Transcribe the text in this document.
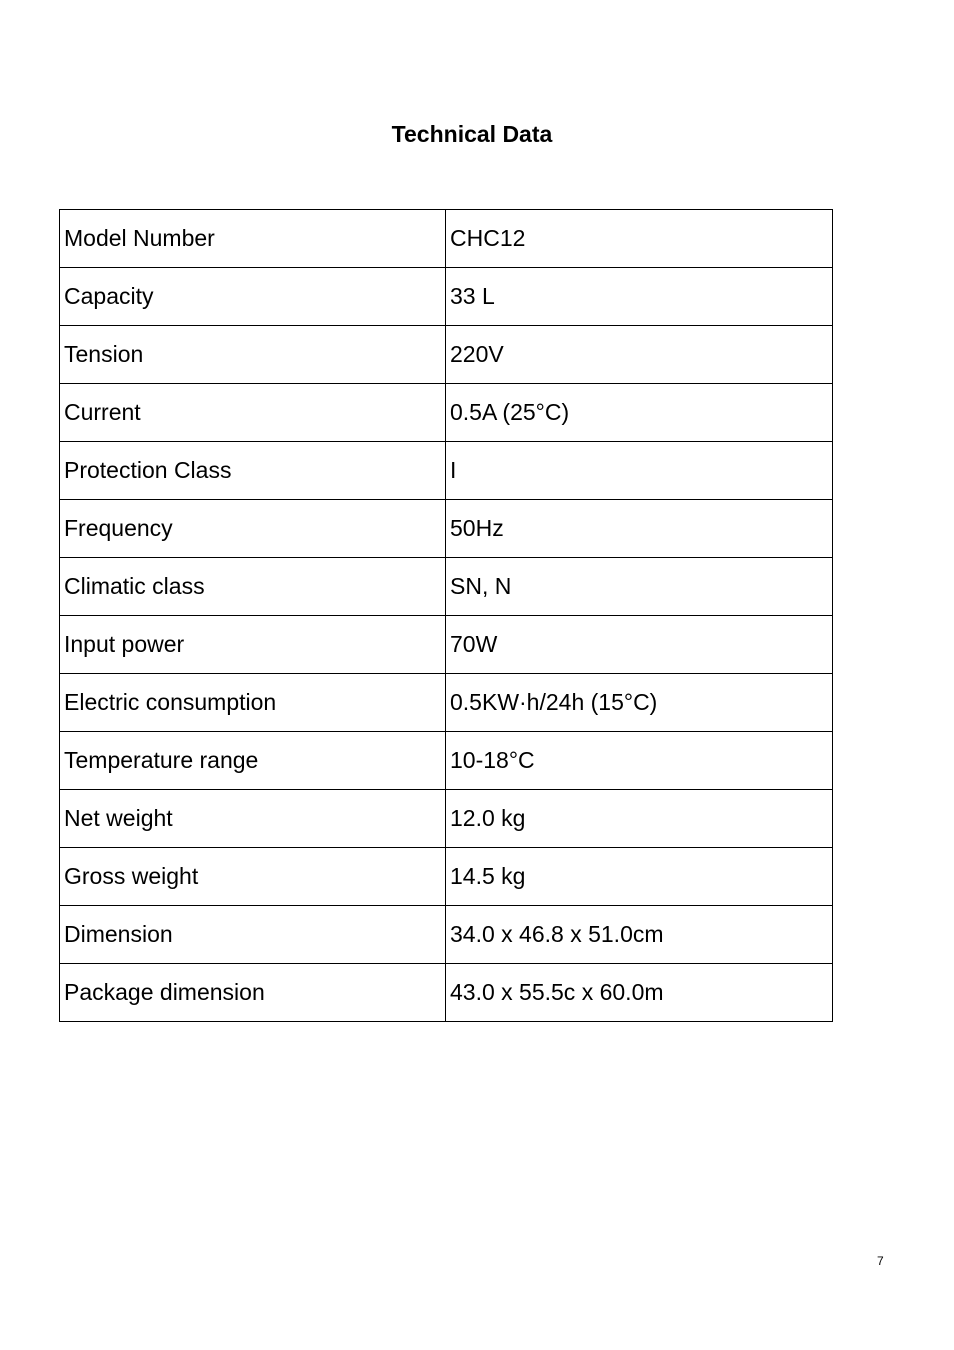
Technical Data
Model Number	CHC12
Capacity	33 L
Tension	220V
Current	0.5A (25°C)
Protection Class	I
Frequency	50Hz
Climatic class	SN, N
Input power	70W
Electric consumption	0.5KW·h/24h (15°C)
Temperature range	10-18°C
Net weight	12.0 kg
Gross weight	14.5 kg
Dimension	34.0 x 46.8 x 51.0cm
Package dimension	43.0 x 55.5c x 60.0m
7
